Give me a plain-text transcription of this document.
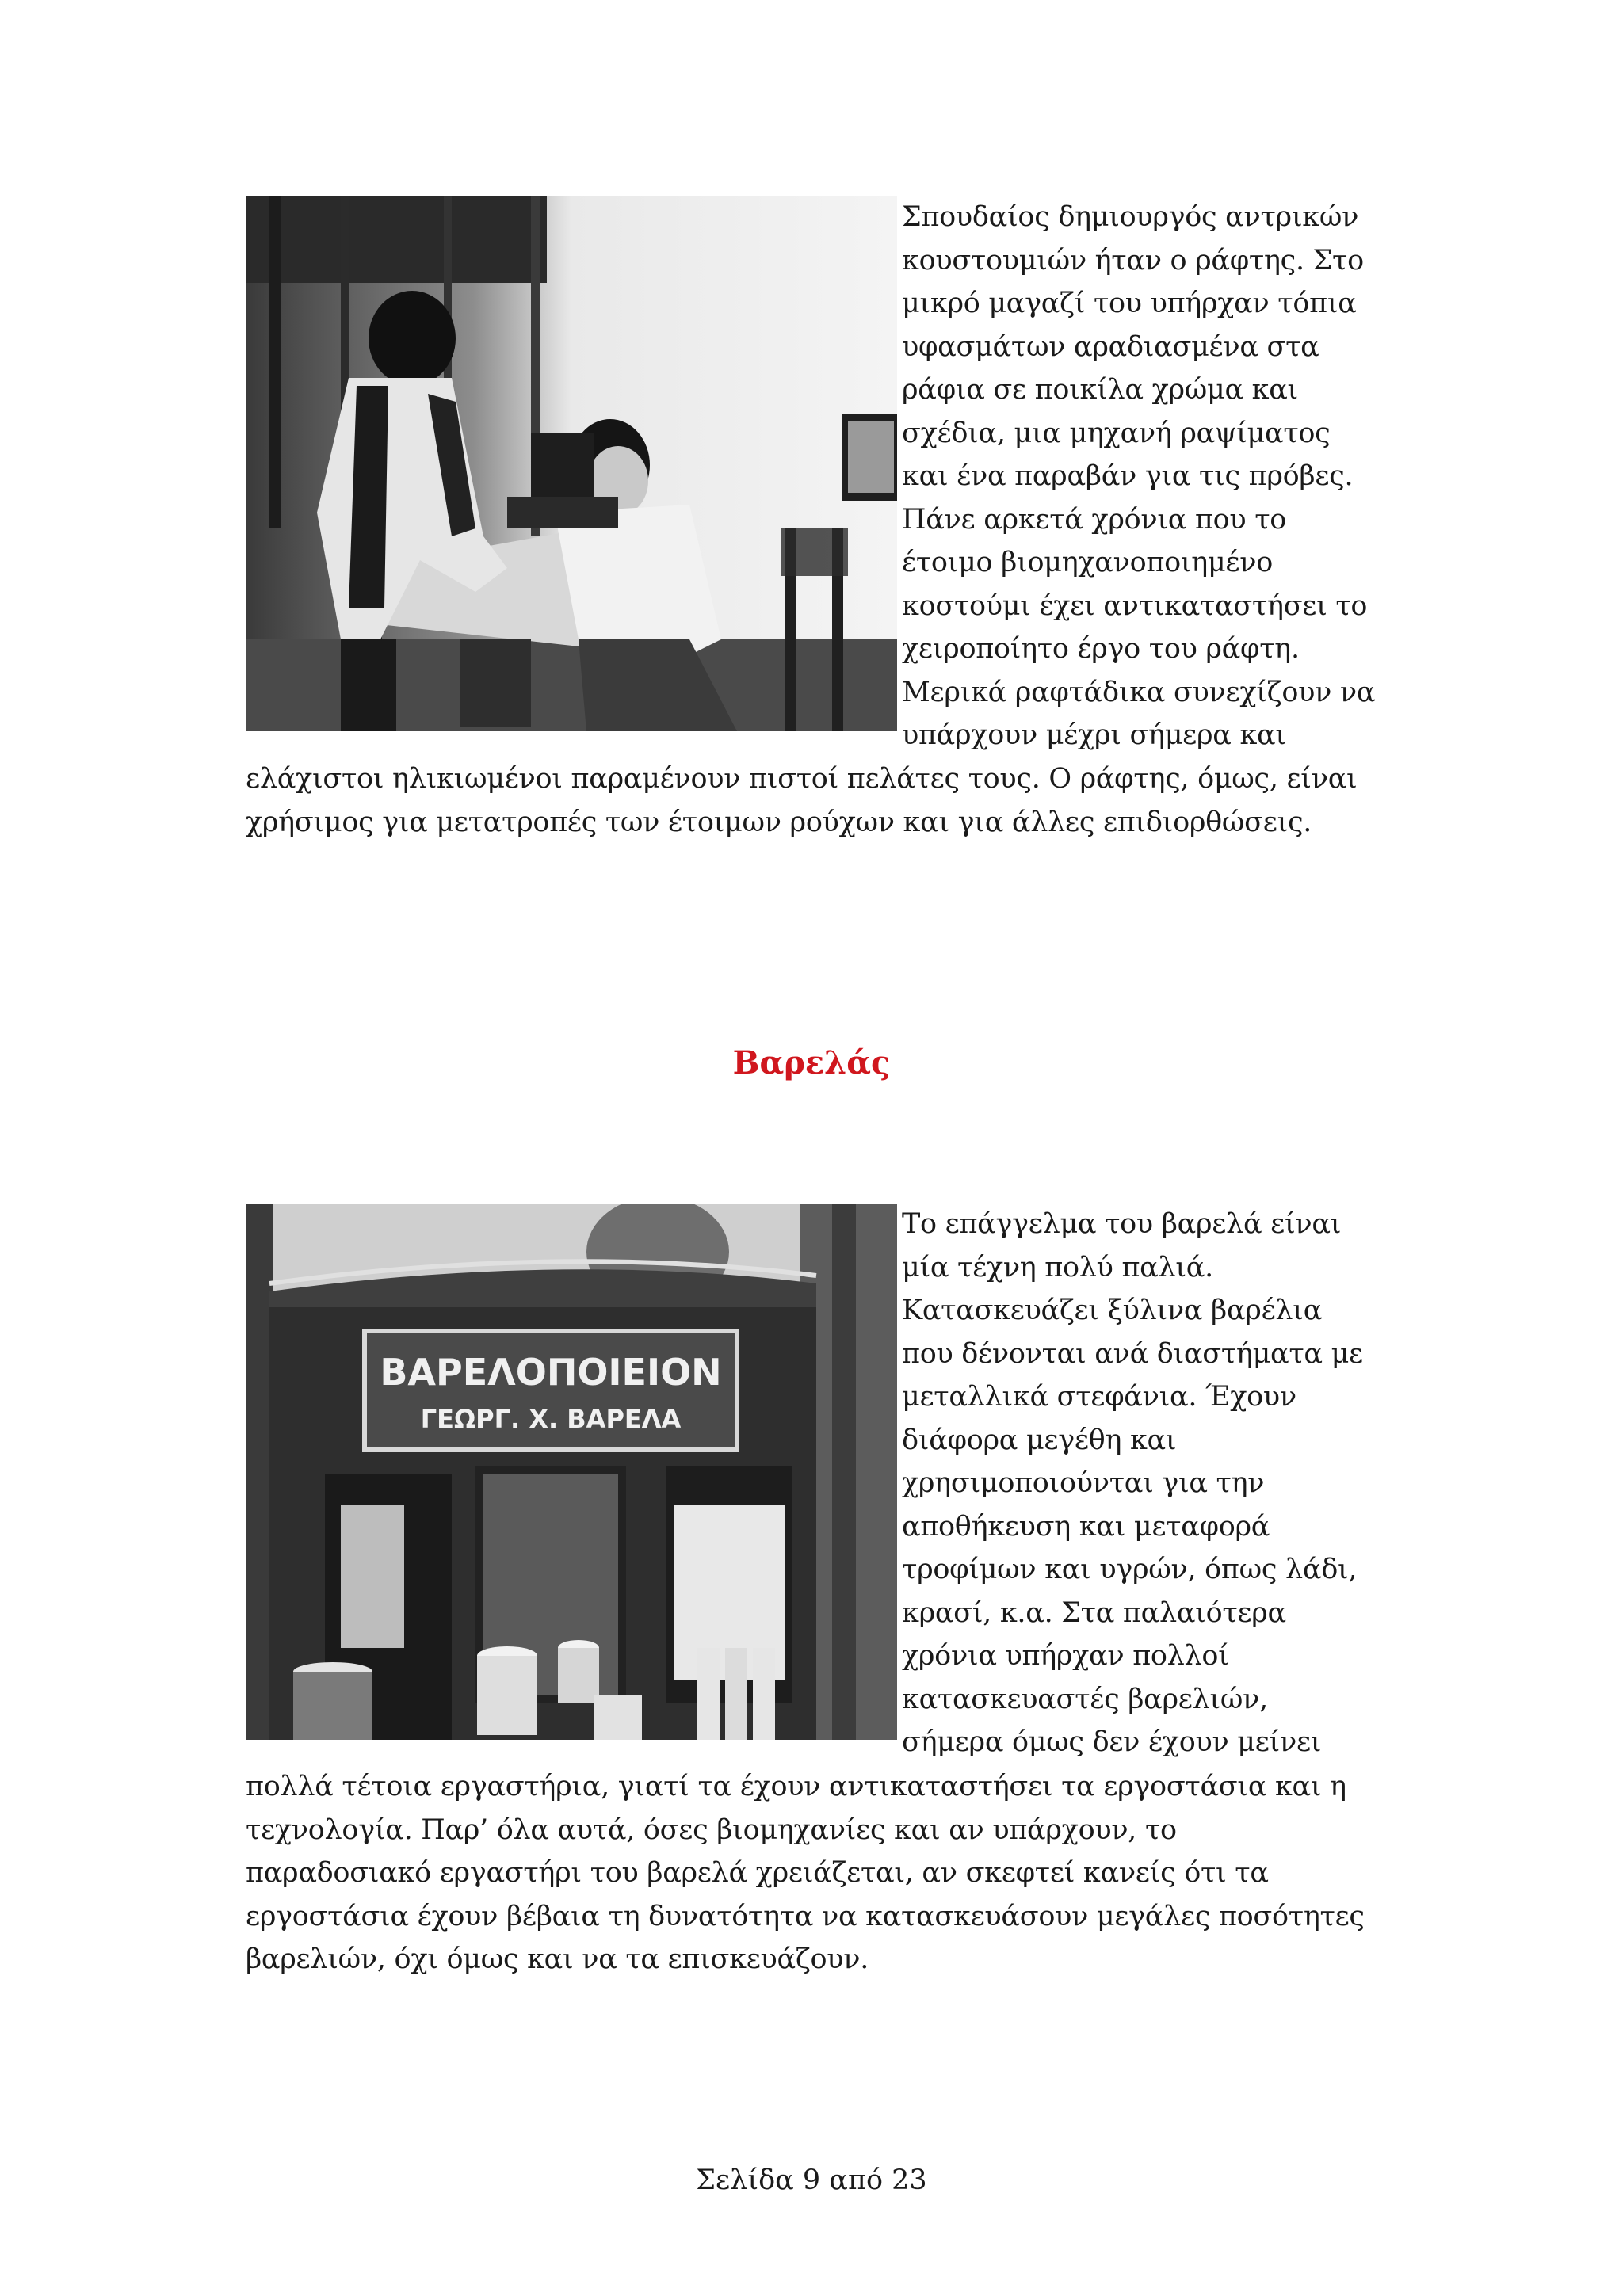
Σπουδαίος δημιουργός αντρικών
κουστουμιών ήταν ο ράφτης. Στο
μικρό μαγαζί του υπήρχαν τόπια
υφασμάτων αραδιασμένα στα
ράφια σε ποικίλα χρώμα και
σχέδια, μια μηχανή ραψίματος
και ένα παραβάν για τις πρόβες.
Πάνε αρκετά χρόνια που το
έτοιμο βιομηχανοποιημένο
κοστούμι έχει αντικαταστήσει το
χειροποίητο έργο του ράφτη.
Μερικά ραφτάδικα συνεχίζουν να
υπάρχουν μέχρι σήμερα και
ελάχιστοι ηλικιωμένοι παραμένουν πιστοί πελάτες τους. Ο ράφτης, όμως, είναι
χρήσιμος για μετατροπές των έτοιμων ρούχων και για άλλες επιδιορθώσεις.
Βαρελάς
ΒΑΡΕΛΟΠΟΙΕΙΟΝ
ΓΕΩΡΓ. Χ. ΒΑΡΕΛΑ
Το επάγγελμα του βαρελά είναι
μία τέχνη πολύ παλιά.
Κατασκευάζει ξύλινα βαρέλια
που δένονται ανά διαστήματα με
μεταλλικά στεφάνια. Έχουν
διάφορα μεγέθη και
χρησιμοποιούνται για την
αποθήκευση και μεταφορά
τροφίμων και υγρών, όπως λάδι,
κρασί, κ.α. Στα παλαιότερα
χρόνια υπήρχαν πολλοί
κατασκευαστές βαρελιών,
σήμερα όμως δεν έχουν μείνει
πολλά τέτοια εργαστήρια, γιατί τα έχουν αντικαταστήσει τα εργοστάσια και η
τεχνολογία. Παρ’ όλα αυτά, όσες βιομηχανίες και αν υπάρχουν, το
παραδοσιακό εργαστήρι του βαρελά χρειάζεται, αν σκεφτεί κανείς ότι τα
εργοστάσια έχουν βέβαια τη δυνατότητα να κατασκευάσουν μεγάλες ποσότητες
βαρελιών, όχι όμως και να τα επισκευάζουν.
Σελίδα 9 από 23
